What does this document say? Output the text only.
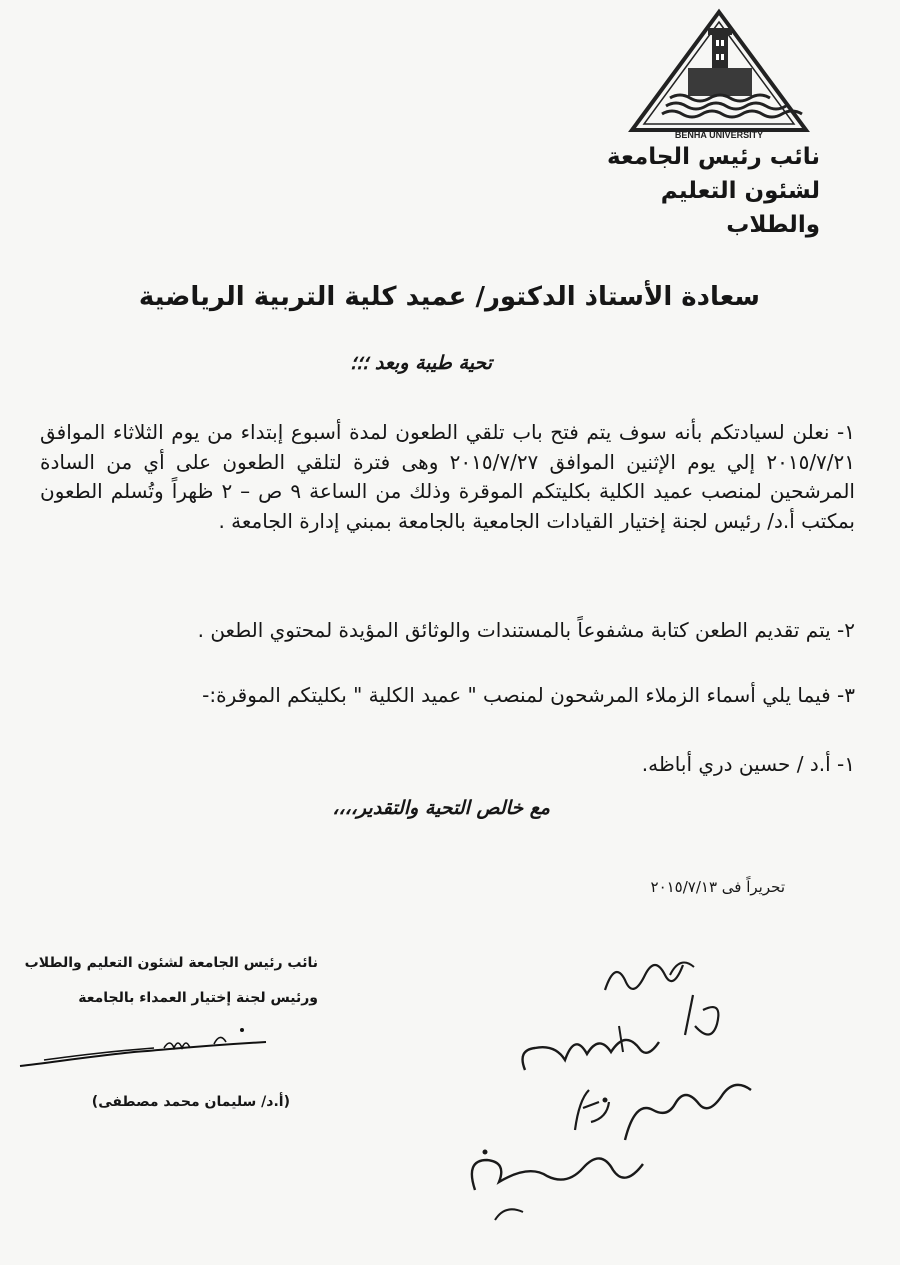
BENHA UNIVERSITY
نائب رئيس الجامعة
لشئون التعليم والطلاب
سعادة الأستاذ الدكتور/ عميد كلية التربية الرياضية
تحية طيبة وبعد ؛؛؛
١- نعلن لسيادتكم بأنه سوف يتم فتح باب تلقي الطعون لمدة أسبوع إبتداء من يوم الثلاثاء الموافق ٢٠١٥/٧/٢١ إلي يوم الإثنين الموافق ٢٠١٥/٧/٢٧ وهى فترة لتلقي الطعون على أي من السادة المرشحين لمنصب عميد الكلية بكليتكم الموقرة وذلك من الساعة ٩ ص – ٢ ظهراً وتُسلم الطعون بمكتب أ.د/ رئيس لجنة إختيار القيادات الجامعية بالجامعة بمبني إدارة الجامعة .
٢- يتم تقديم الطعن كتابة مشفوعاً بالمستندات والوثائق المؤيدة لمحتوي الطعن .
٣- فيما يلي أسماء الزملاء المرشحون لمنصب " عميد الكلية " بكليتكم الموقرة:-
١- أ.د / حسين دري أباظه.
مع خالص التحية والتقدير،،،،
تحريراً فى ٢٠١٥/٧/١٣
نائب رئيس الجامعة لشئون التعليم والطلاب
ورئيس لجنة إختيار العمداء بالجامعة
(أ.د/ سليمان محمد مصطفى)
